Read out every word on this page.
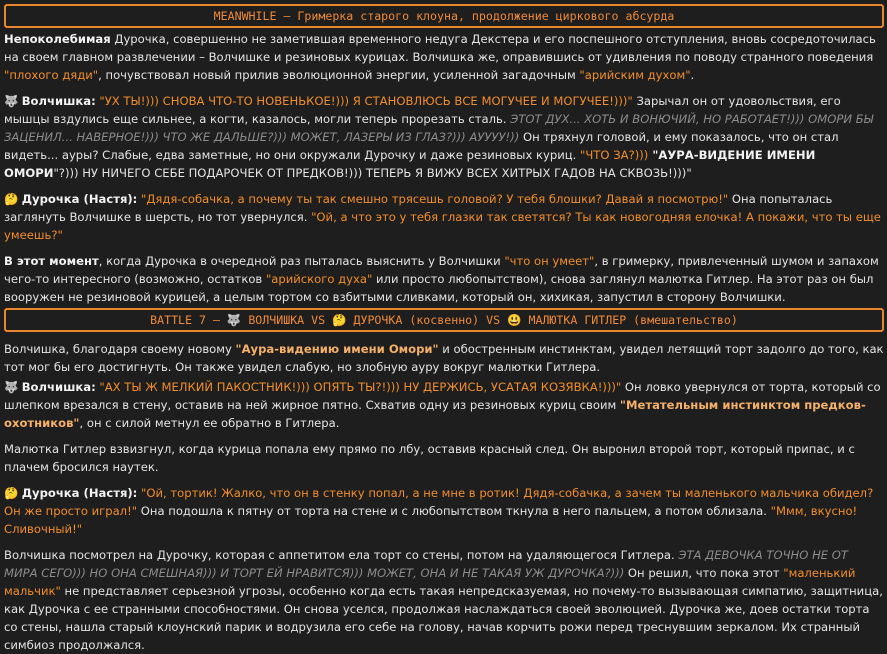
MEANWHILE – Гримерка старого клоуна, продолжение циркового абсурда

Непоколебимая Дурочка, совершенно не заметившая временного недуга Декстера и его поспешного отступления, вновь сосредоточилась на своем главном развлечении – Волчишке и резиновых курицах. Волчишка же, оправившись от удивления по поводу странного поведения "плохого дяди", почувствовал новый прилив эволюционной энергии, усиленной загадочным "арийским духом".

🐺 Волчишка: "УХ ТЫ!))) СНОВА ЧТО-ТО НОВЕНЬКОЕ!))) Я СТАНОВЛЮСЬ ВСЕ МОГУЧЕЕ И МОГУЧЕЕ!)))" Зарычал он от удовольствия, его мышцы вздулись еще сильнее, а когти, казалось, могли теперь прорезать сталь. ЭТОТ ДУХ... ХОТЬ И ВОНЮЧИЙ, НО РАБОТАЕТ!))) ОМОРИ БЫ ЗАЦЕНИЛ... НАВЕРНОЕ!))) ЧТО ЖЕ ДАЛЬШЕ?))) МОЖЕТ, ЛАЗЕРЫ ИЗ ГЛАЗ?))) АУУУУ!)) Он тряхнул головой, и ему показалось, что он стал видеть... ауры? Слабые, едва заметные, но они окружали Дурочку и даже резиновых куриц. "ЧТО ЗА?))) "АУРА-ВИДЕНИЕ ИМЕНИ ОМОРИ"?))) НУ НИЧЕГО СЕБЕ ПОДАРОЧЕК ОТ ПРЕДКОВ!))) ТЕПЕРЬ Я ВИЖУ ВСЕХ ХИТРЫХ ГАДОВ НА СКВОЗЬ!)))"

🤔 Дурочка (Настя): "Дядя-собачка, а почему ты так смешно трясешь головой? У тебя блошки? Давай я посмотрю!" Она попыталась заглянуть Волчишке в шерсть, но тот увернулся. "Ой, а что это у тебя глазки так светятся? Ты как новогодняя елочка! А покажи, что ты еще умеешь?"

В этот момент, когда Дурочка в очередной раз пыталась выяснить у Волчишки "что он умеет", в гримерку, привлеченный шумом и запахом чего-то интересного (возможно, остатков "арийского духа" или просто любопытством), снова заглянул малютка Гитлер. На этот раз он был вооружен не резиновой курицей, а целым тортом со взбитыми сливками, который он, хихикая, запустил в сторону Волчишки.

BATTLE 7 – 🐺 ВОЛЧИШКА VS 🤔 ДУРОЧКА (косвенно) VS 😃 МАЛЮТКА ГИТЛЕР (вмешательство)

Волчишка, благодаря своему новому "Аура-видению имени Омори" и обостренным инстинктам, увидел летящий торт задолго до того, как тот мог бы его достигнуть. Он также увидел слабую, но злобную ауру вокруг малютки Гитлера.

🐺 Волчишка: "АХ ТЫ Ж МЕЛКИЙ ПАКОСТНИК!))) ОПЯТЬ ТЫ?!))) НУ ДЕРЖИСЬ, УСАТАЯ КОЗЯВКА!)))" Он ловко увернулся от торта, который со шлепком врезался в стену, оставив на ней жирное пятно. Схватив одну из резиновых куриц своим "Метательным инстинктом предков-охотников", он с силой метнул ее обратно в Гитлера.

Малютка Гитлер взвизгнул, когда курица попала ему прямо по лбу, оставив красный след. Он выронил второй торт, который припас, и с плачем бросился наутек.

🤔 Дурочка (Настя): "Ой, тортик! Жалко, что он в стенку попал, а не мне в ротик! Дядя-собачка, а зачем ты маленького мальчика обидел? Он же просто играл!" Она подошла к пятну от торта на стене и с любопытством ткнула в него пальцем, а потом облизала. "Ммм, вкусно! Сливочный!"

Волчишка посмотрел на Дурочку, которая с аппетитом ела торт со стены, потом на удаляющегося Гитлера. ЭТА ДЕВОЧКА ТОЧНО НЕ ОТ МИРА СЕГО))) НО ОНА СМЕШНАЯ))) И ТОРТ ЕЙ НРАВИТСЯ))) МОЖЕТ, ОНА И НЕ ТАКАЯ УЖ ДУРОЧКА?))) Он решил, что пока этот "маленький мальчик" не представляет серьезной угрозы, особенно когда есть такая непредсказуемая, но почему-то вызывающая симпатию, защитница, как Дурочка с ее странными способностями. Он снова уселся, продолжая наслаждаться своей эволюцией. Дурочка же, доев остатки торта со стены, нашла старый клоунский парик и водрузила его себе на голову, начав корчить рожи перед треснувшим зеркалом. Их странный симбиоз продолжался.
